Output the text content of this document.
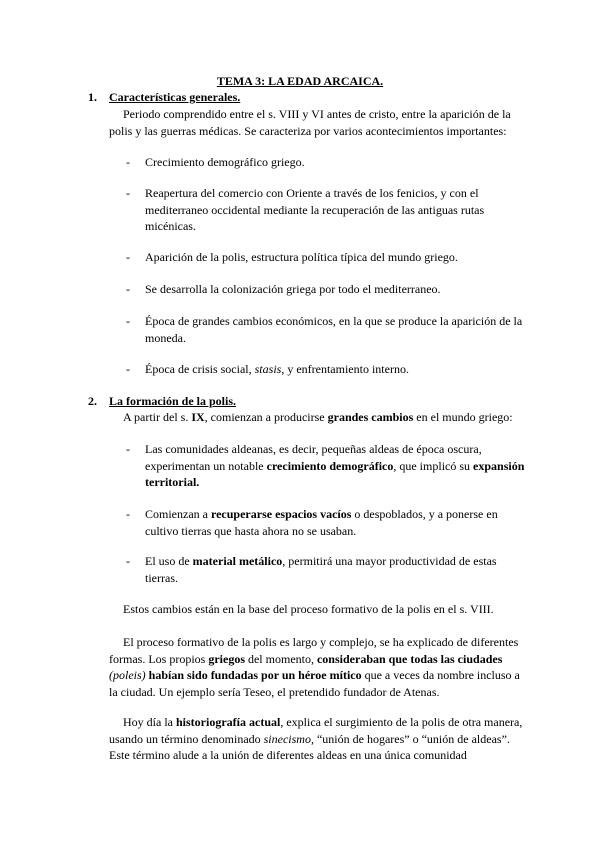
TEMA 3: LA EDAD ARCAICA.
1. Características generales.
Periodo comprendido entre el s. VIII y VI antes de cristo, entre la aparición de la polis y las guerras médicas. Se caracteriza por varios acontecimientos importantes:
- Crecimiento demográfico griego.
- Reapertura del comercio con Oriente a través de los fenicios, y con el mediterraneo occidental mediante la recuperación de las antiguas rutas micénicas.
- Aparición de la polis, estructura política típica del mundo griego.
- Se desarrolla la colonización griega por todo el mediterraneo.
- Época de grandes cambios económicos, en la que se produce la aparición de la moneda.
- Época de crisis social, stasis, y enfrentamiento interno.
2. La formación de la polis.
A partir del s. IX, comienzan a producirse grandes cambios en el mundo griego:
- Las comunidades aldeanas, es decir, pequeñas aldeas de época oscura, experimentan un notable crecimiento demográfico, que implicó su expansión territorial.
- Comienzan a recuperarse espacios vacíos o despoblados, y a ponerse en cultivo tierras que hasta ahora no se usaban.
- El uso de material metálico, permitirá una mayor productividad de estas tierras.
Estos cambios están en la base del proceso formativo de la polis en el s. VIII.
El proceso formativo de la polis es largo y complejo, se ha explicado de diferentes formas. Los propios griegos del momento, consideraban que todas las ciudades (poleis) habían sido fundadas por un héroe mítico que a veces da nombre incluso a la ciudad. Un ejemplo sería Teseo, el pretendido fundador de Atenas.
Hoy día la historiografía actual, explica el surgimiento de la polis de otra manera, usando un término denominado sinecismo, “unión de hogares” o “unión de aldeas”. Este término alude a la unión de diferentes aldeas en una única comunidad
